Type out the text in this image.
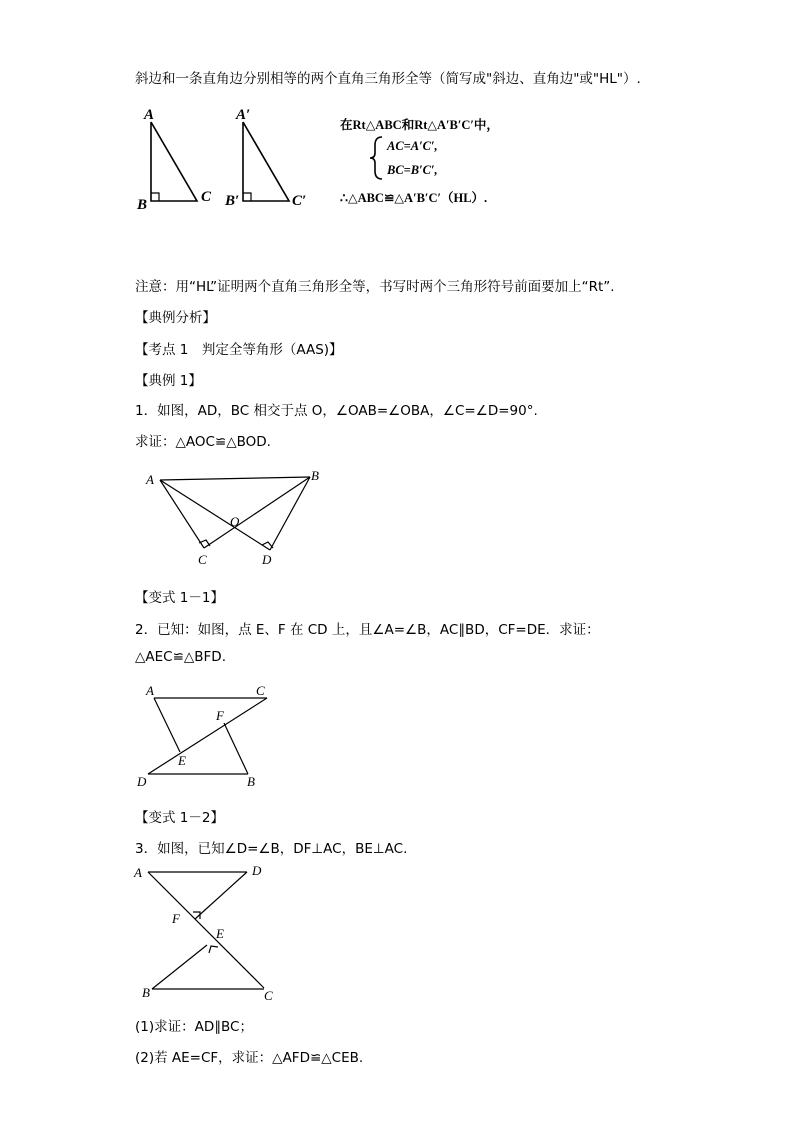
斜边和一条直角边分别相等的两个直角三角形全等（简写成"斜边、直角边"或"HL"）.
A
B	C
A′
B′	C′
在Rt△ABC和Rt△A′B′C′中，
AC=A′C′,
BC=B′C′,
∴△ABC≌△A′B′C′（HL）.
注意：用“HL”证明两个直角三角形全等，书写时两个三角形符号前面要加上“Rt”.
【典例分析】
【考点 1　判定全等角形（AAS)】
【典例 1】
1．如图，AD，BC 相交于点 O，∠OAB=∠OBA，∠C=∠D=90°.
求证：△AOC≌△BOD.
A	B
O
C	D
【变式 1－1】
2．已知：如图，点 E、F 在 CD 上，且∠A=∠B，AC∥BD，CF=DE．求证：
△AEC≌△BFD.
A	C
F
E
D	B
【变式 1－2】
3．如图，已知∠D=∠B，DF⊥AC，BE⊥AC.
A	D
F
E
B	C
(1)求证：AD∥BC；
(2)若 AE=CF，求证：△AFD≌△CEB.
